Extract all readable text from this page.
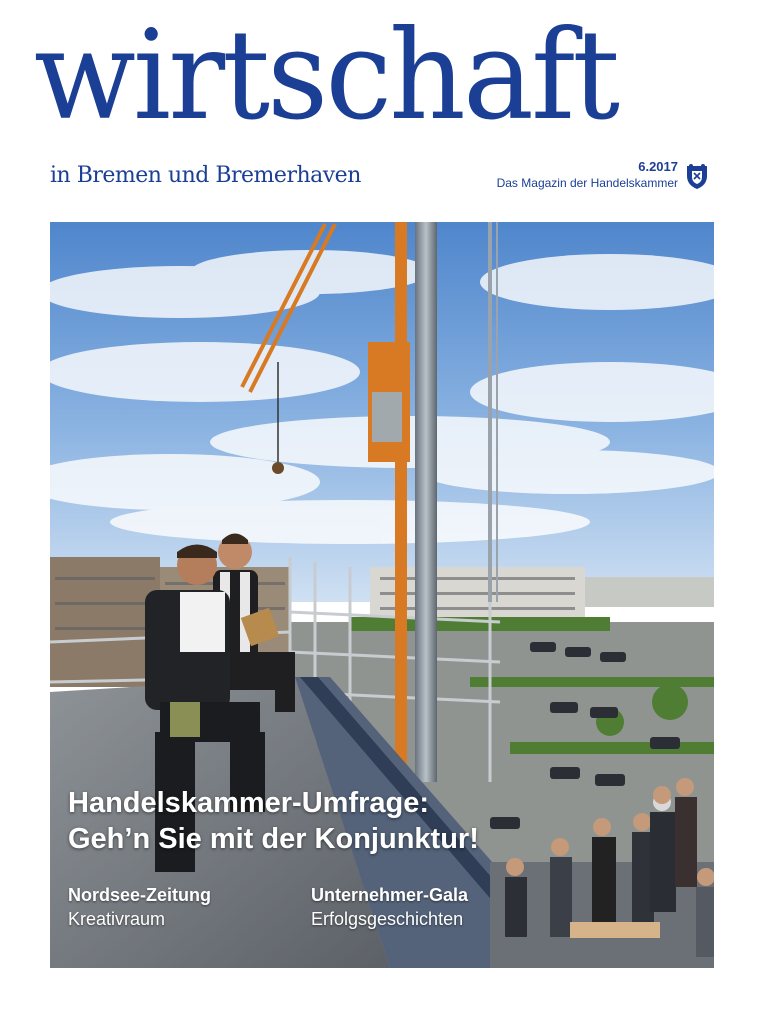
wirtschaft
in Bremen und Bremerhaven	6.2017
Das Magazin der Handelskammer
Handelskammer-Umfrage:
Geh’n Sie mit der Konjunktur!
Nordsee-Zeitung
Kreativraum
Unternehmer-Gala
Erfolgsgeschichten
